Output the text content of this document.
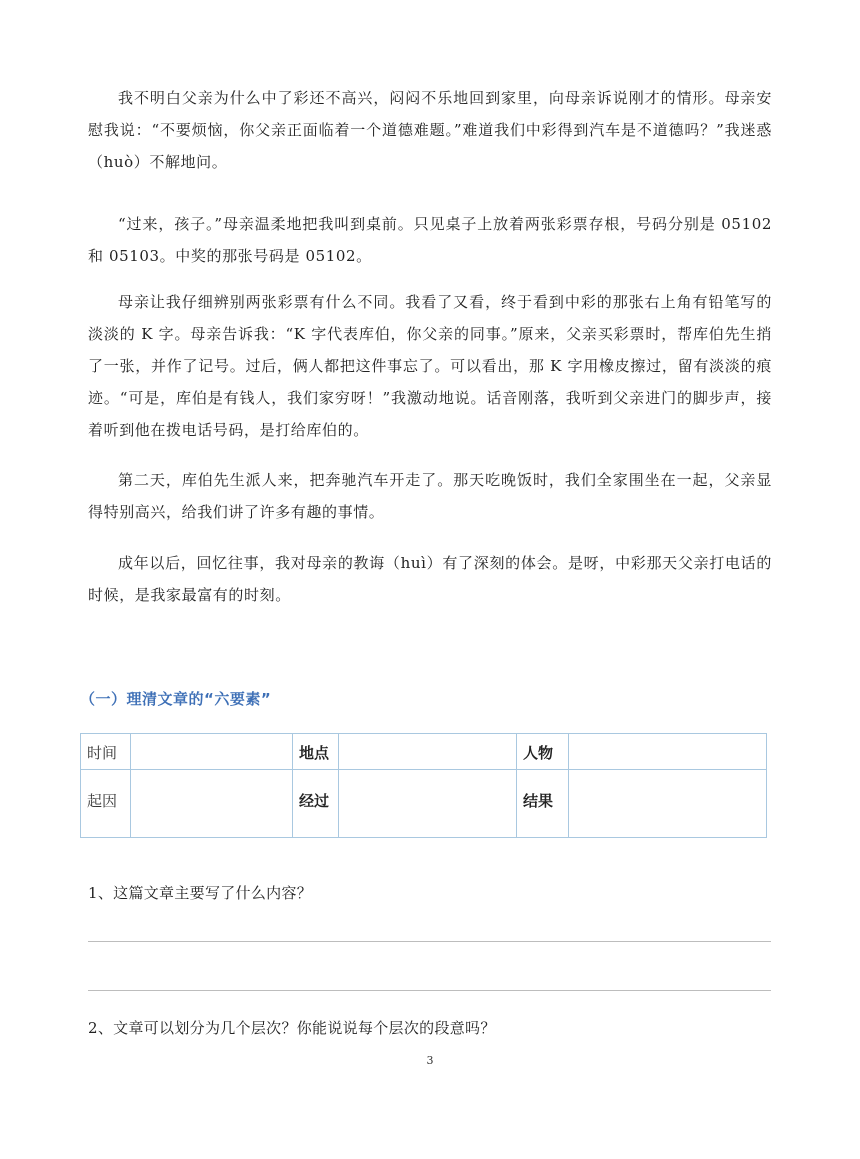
我不明白父亲为什么中了彩还不高兴，闷闷不乐地回到家里，向母亲诉说刚才的情形。母亲安慰我说：“不要烦恼，你父亲正面临着一个道德难题。”难道我们中彩得到汽车是不道德吗？”我迷惑（huò）不解地问。

“过来，孩子。”母亲温柔地把我叫到桌前。只见桌子上放着两张彩票存根，号码分别是 05102 和 05103。中奖的那张号码是 05102。

母亲让我仔细辨别两张彩票有什么不同。我看了又看，终于看到中彩的那张右上角有铅笔写的淡淡的 K 字。母亲告诉我：“K 字代表库伯，你父亲的同事。”原来，父亲买彩票时，帮库伯先生捎了一张，并作了记号。过后，俩人都把这件事忘了。可以看出，那 K 字用橡皮擦过，留有淡淡的痕迹。“可是，库伯是有钱人，我们家穷呀！”我激动地说。话音刚落，我听到父亲进门的脚步声，接着听到他在拨电话号码，是打给库伯的。

第二天，库伯先生派人来，把奔驰汽车开走了。那天吃晚饭时，我们全家围坐在一起，父亲显得特别高兴，给我们讲了许多有趣的事情。

成年以后，回忆往事，我对母亲的教诲（huì）有了深刻的体会。是呀，中彩那天父亲打电话的时候，是我家最富有的时刻。

（一）理清文章的“六要素”

时间		地点		人物	
起因		经过		结果	

1、这篇文章主要写了什么内容？

2、文章可以划分为几个层次？你能说说每个层次的段意吗？

3
